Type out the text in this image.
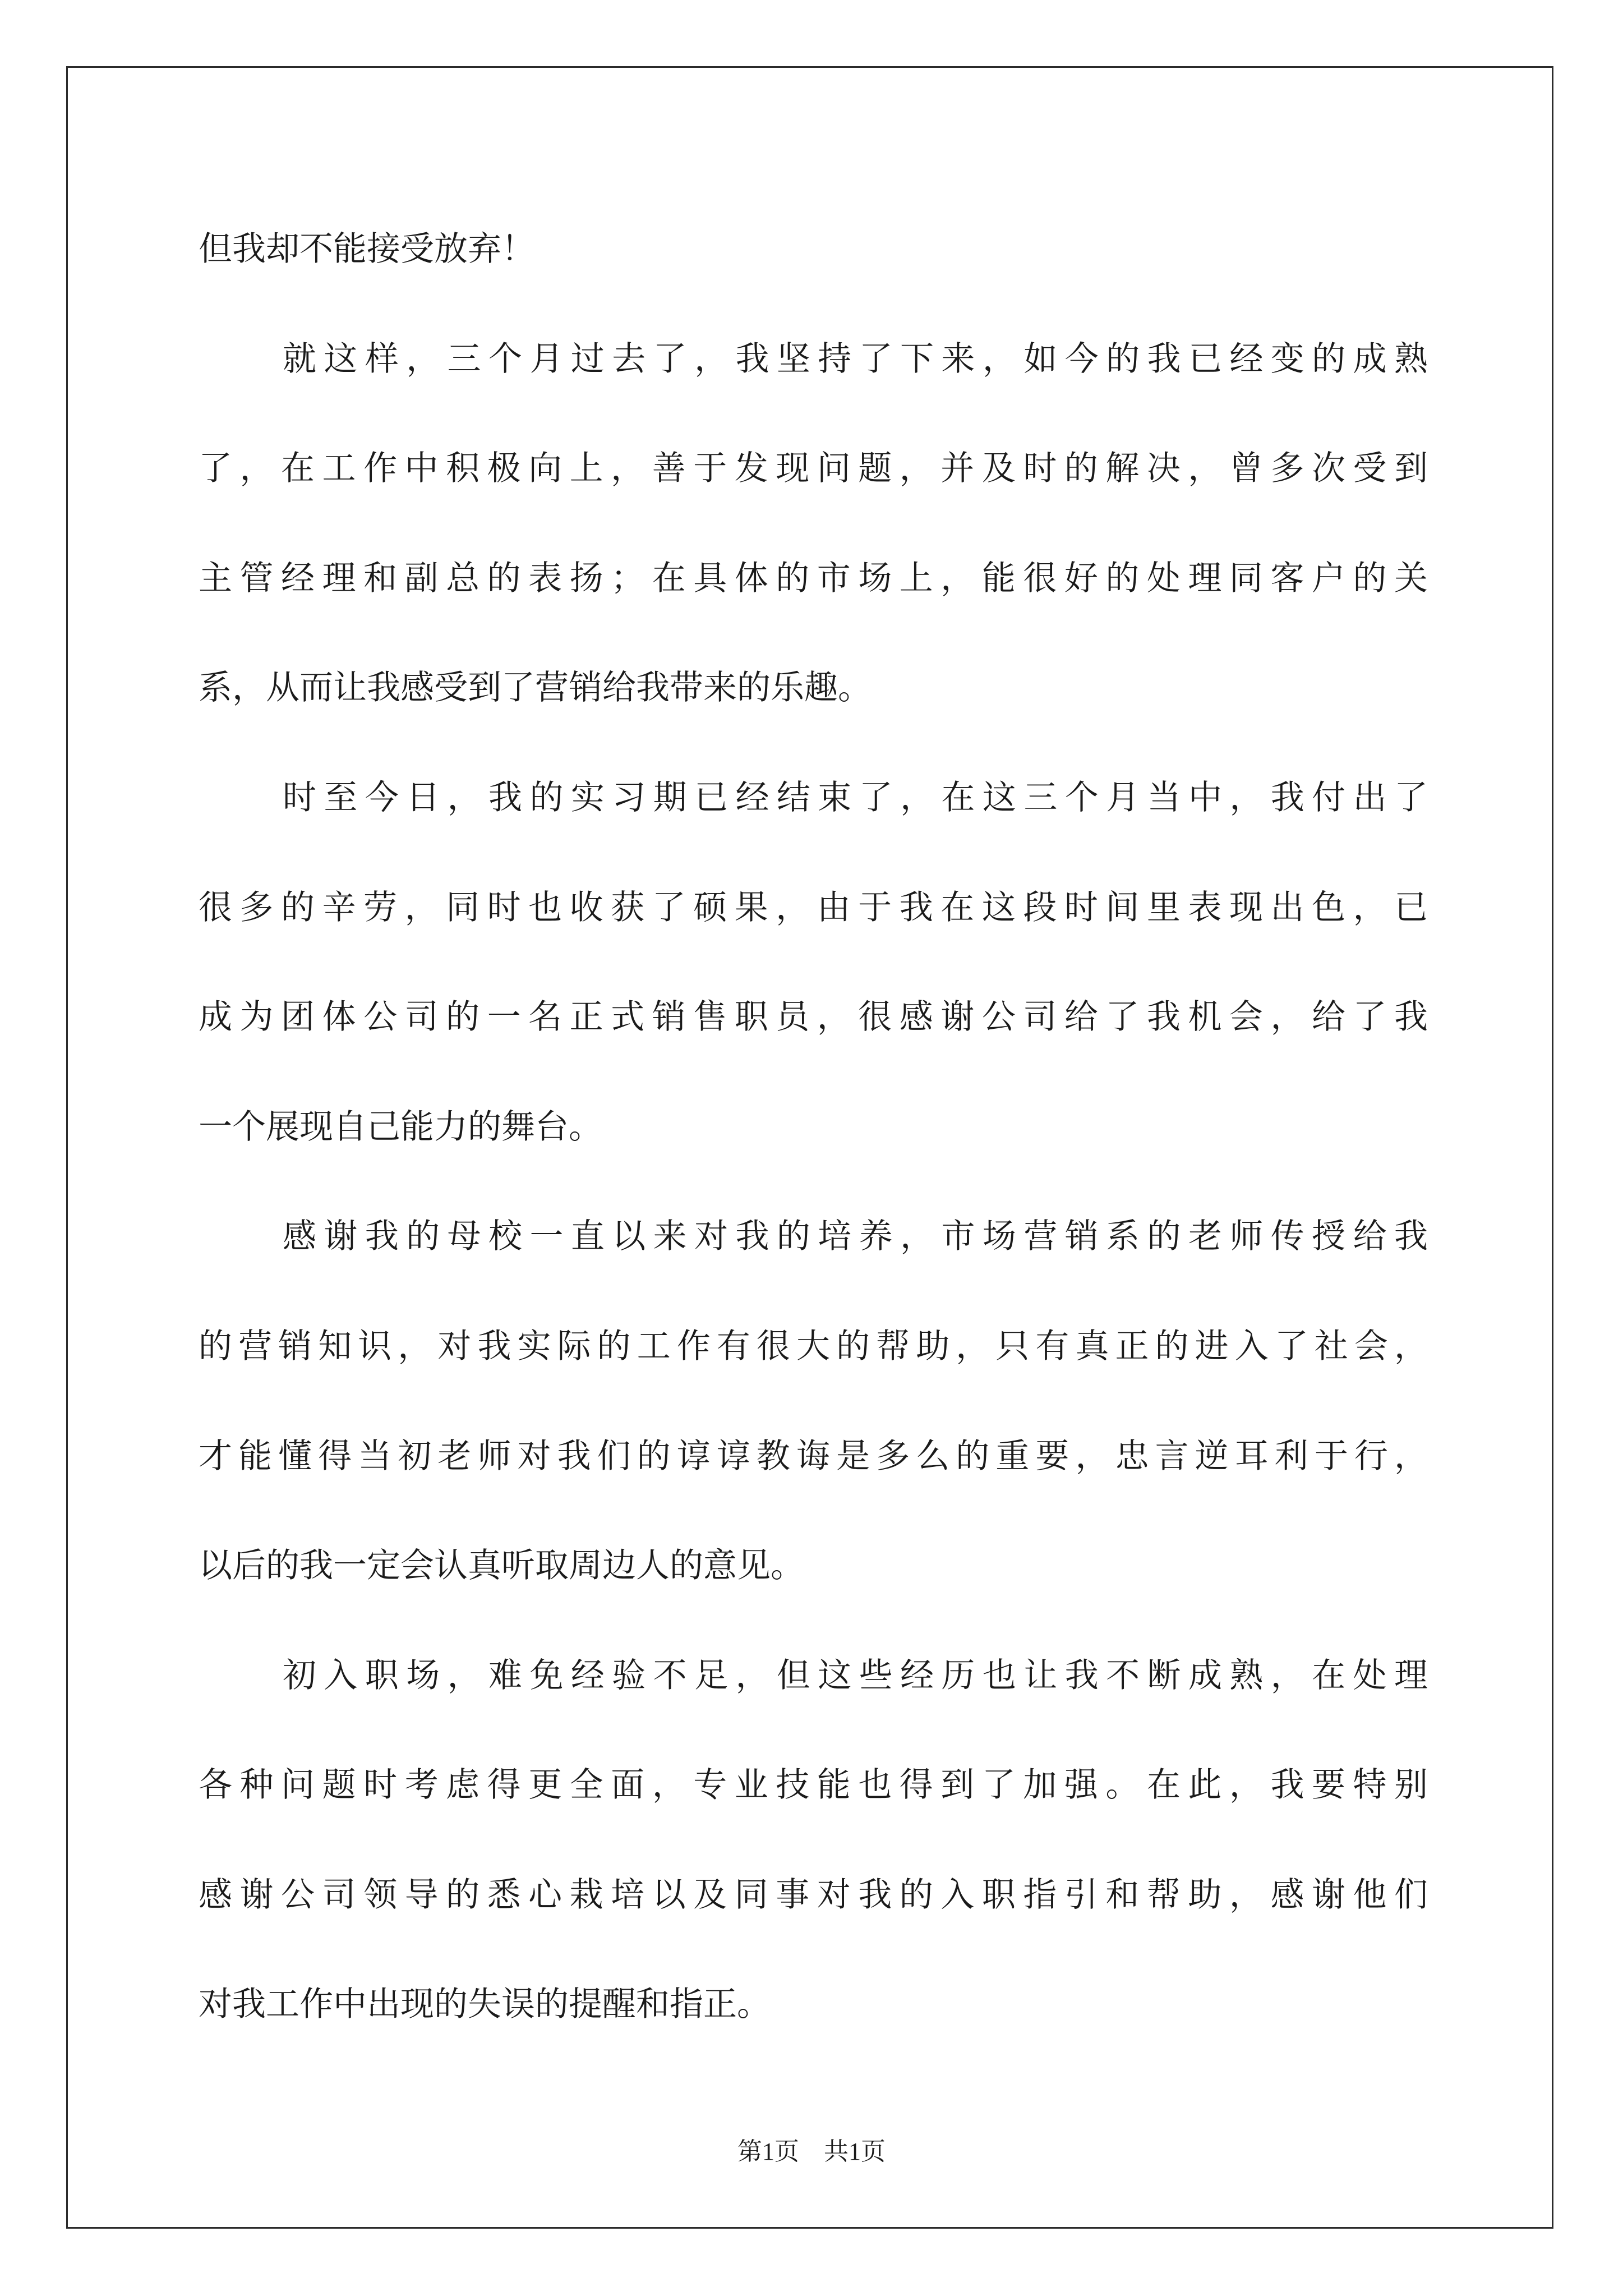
但我却不能接受放弃！
就这样，三个月过去了，我坚持了下来，如今的我已经变的成熟
了，在工作中积极向上，善于发现问题，并及时的解决，曾多次受到
主管经理和副总的表扬；在具体的市场上，能很好的处理同客户的关
系，从而让我感受到了营销给我带来的乐趣。
时至今日，我的实习期已经结束了，在这三个月当中，我付出了
很多的辛劳，同时也收获了硕果，由于我在这段时间里表现出色，已
成为团体公司的一名正式销售职员，很感谢公司给了我机会，给了我
一个展现自己能力的舞台。
感谢我的母校一直以来对我的培养，市场营销系的老师传授给我
的营销知识，对我实际的工作有很大的帮助，只有真正的进入了社会，
才能懂得当初老师对我们的谆谆教诲是多么的重要，忠言逆耳利于行，
以后的我一定会认真听取周边人的意见。
初入职场，难免经验不足，但这些经历也让我不断成熟，在处理
各种问题时考虑得更全面，专业技能也得到了加强。在此，我要特别
感谢公司领导的悉心栽培以及同事对我的入职指引和帮助，感谢他们
对我工作中出现的失误的提醒和指正。
第1页　共1页
